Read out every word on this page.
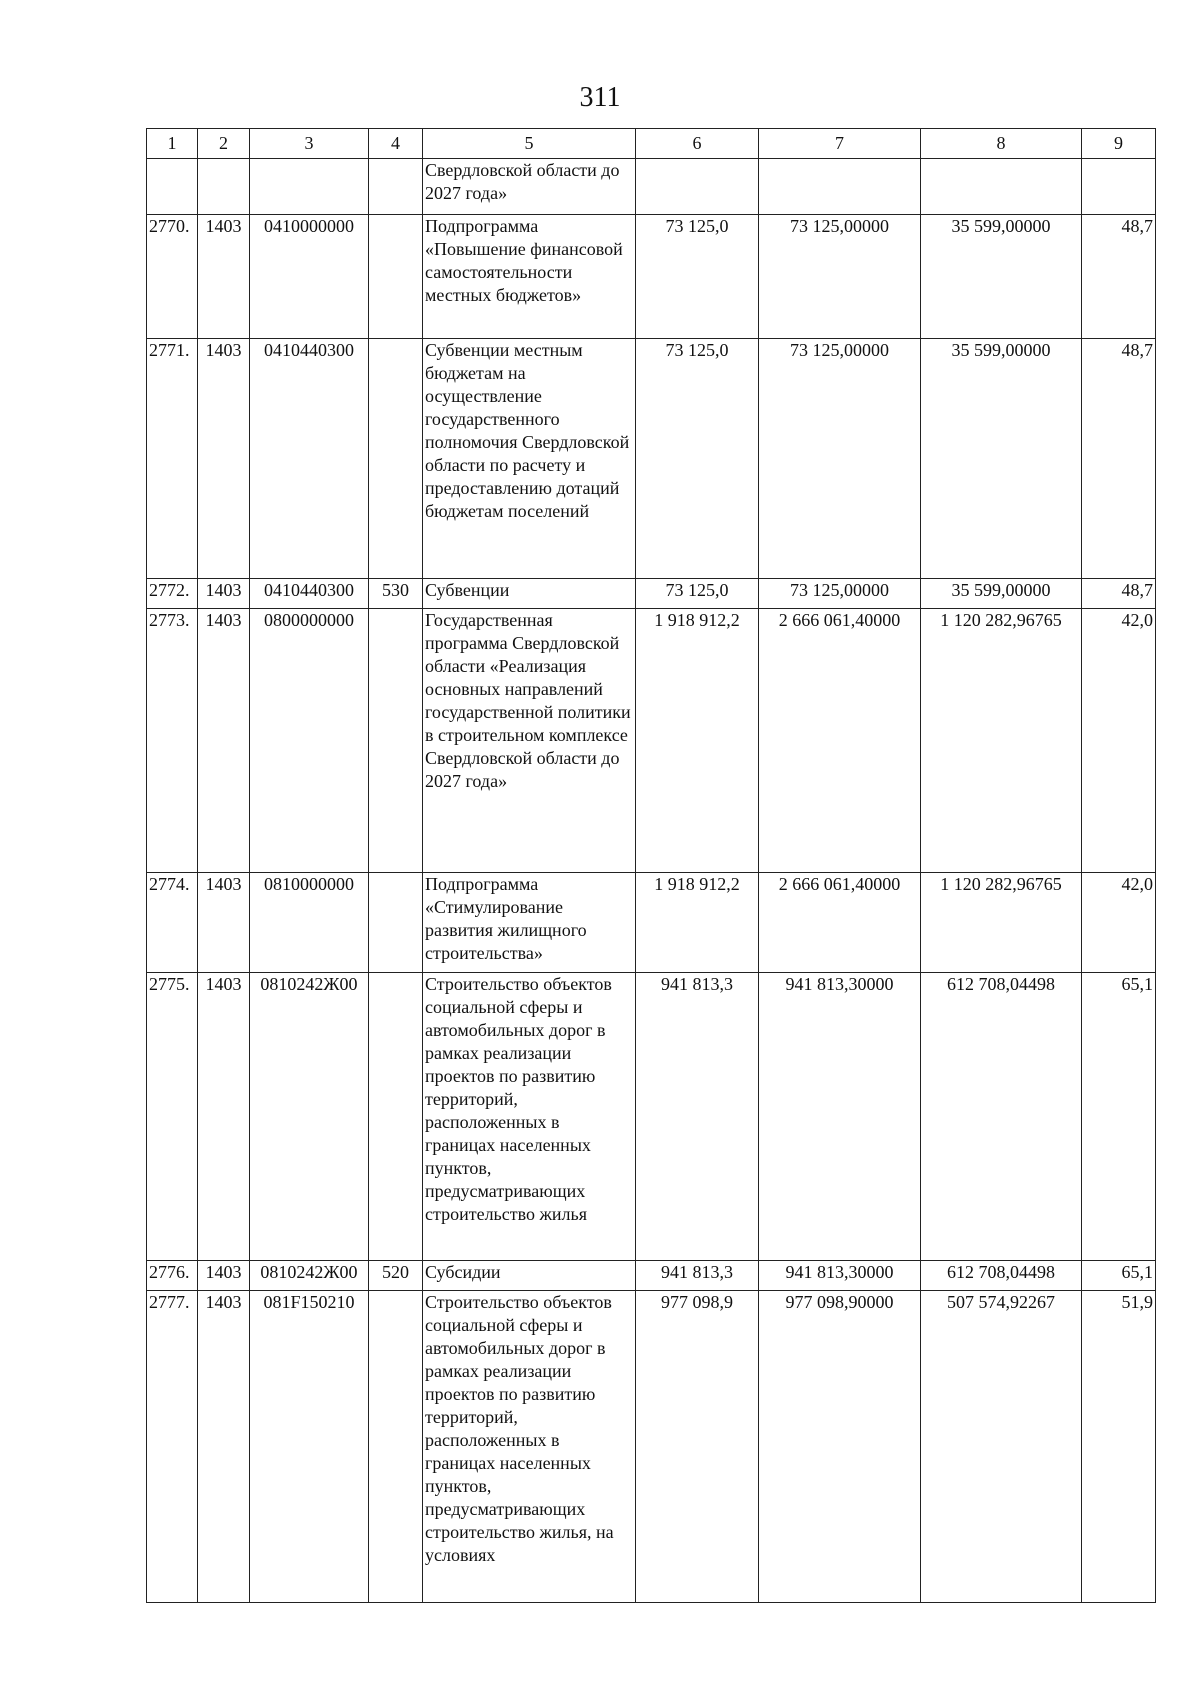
311
1	2	3	4	5	6	7	8	9
				Свердловской области до 2027 года»				
2770.	1403	0410000000		Подпрограмма «Повышение финансовой самостоятельности местных бюджетов»	73 125,0	73 125,00000	35 599,00000	48,7
2771.	1403	0410440300		Субвенции местным бюджетам на осуществление государственного полномочия Свердловской области по расчету и предоставлению дотаций бюджетам поселений	73 125,0	73 125,00000	35 599,00000	48,7
2772.	1403	0410440300	530	Субвенции	73 125,0	73 125,00000	35 599,00000	48,7
2773.	1403	0800000000		Государственная программа Свердловской области «Реализация основных направлений государственной политики в строительном комплексе Свердловской области до 2027 года»	1 918 912,2	2 666 061,40000	1 120 282,96765	42,0
2774.	1403	0810000000		Подпрограмма «Стимулирование развития жилищного строительства»	1 918 912,2	2 666 061,40000	1 120 282,96765	42,0
2775.	1403	0810242Ж00		Строительство объектов социальной сферы и автомобильных дорог в рамках реализации проектов по развитию территорий, расположенных в границах населенных пунктов, предусматривающих строительство жилья	941 813,3	941 813,30000	612 708,04498	65,1
2776.	1403	0810242Ж00	520	Субсидии	941 813,3	941 813,30000	612 708,04498	65,1
2777.	1403	081F150210		Строительство объектов социальной сферы и автомобильных дорог в рамках реализации проектов по развитию территорий, расположенных в границах населенных пунктов, предусматривающих строительство жилья, на условиях	977 098,9	977 098,90000	507 574,92267	51,9
